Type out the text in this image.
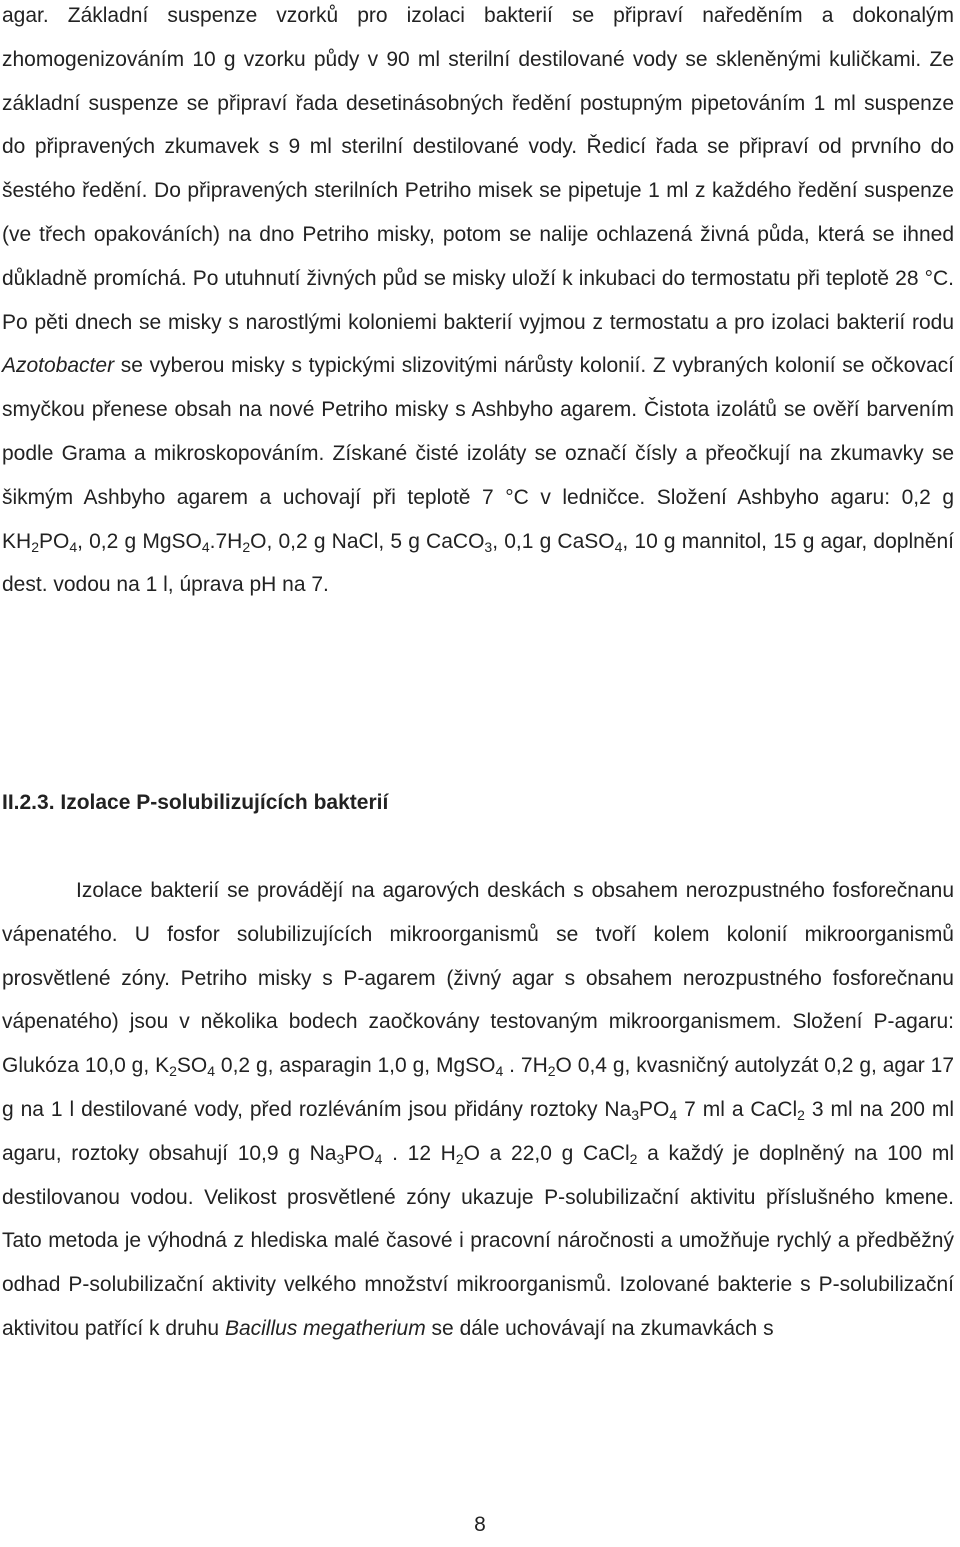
agar. Základní suspenze vzorků pro izolaci bakterií se připraví naředěním a dokonalým zhomogenizováním 10 g vzorku půdy v 90 ml sterilní destilované vody se skleněnými kuličkami. Ze základní suspenze se připraví řada desetinásobných ředění postupným pipetováním 1 ml suspenze do připravených zkumavek s 9 ml sterilní destilované vody. Ředicí řada se připraví od prvního do šestého ředění. Do připravených sterilních Petriho misek se pipetuje 1 ml z každého ředění suspenze (ve třech opakováních) na dno Petriho misky, potom se nalije ochlazená živná půda, která se ihned důkladně promíchá. Po utuhnutí živných půd se misky uloží k inkubaci do termostatu při teplotě 28 °C. Po pěti dnech se misky s narostlými koloniemi bakterií vyjmou z termostatu a pro izolaci bakterií rodu Azotobacter se vyberou misky s typickými slizovitými nárůsty kolonií. Z vybraných kolonií se očkovací smyčkou přenese obsah na nové Petriho misky s Ashbyho agarem. Čistota izolátů se ověří barvením podle Grama a mikroskopováním. Získané čisté izoláty se označí čísly a přeočkují na zkumavky se šikmým Ashbyho agarem a uchovají při teplotě 7 °C v ledničce. Složení Ashbyho agaru: 0,2 g $KH_2PO_4$, 0,2 g $MgSO_4.7H_2O$, 0,2 g NaCl, 5 g CaCO$_3$, 0,1 g CaSO$_4$, 10 g mannitol, 15 g agar, doplnění dest. vodou na 1 l, úprava pH na 7.

II.2.3. Izolace P-solubilizujících bakterií

Izolace bakterií se provádějí na agarových deskách s obsahem nerozpustného fosforečnanu vápenatého. U fosfor solubilizujících mikroorganismů se tvoří kolem kolonií mikroorganismů prosvětlené zóny. Petriho misky s P-agarem (živný agar s obsahem nerozpustného fosforečnanu vápenatého) jsou v několika bodech zaočkovány testovaným mikroorganismem. Složení P-agaru: Glukóza 10,0 g, $K_2SO_4$ 0,2 g, asparagin 1,0 g, MgSO$_4$ . $7H_2O$ 0,4 g, kvasničný autolyzát 0,2 g, agar 17 g na 1 l destilované vody, před rozléváním jsou přidány roztoky $Na_3PO_4$ 7 ml a CaCl$_2$ 3 ml na 200 ml agaru, roztoky obsahují 10,9 g $Na_3PO_4$ . 12 $H_2O$ a 22,0 g CaCl$_2$ a každý je doplněný na 100 ml destilovanou vodou. Velikost prosvětlené zóny ukazuje P-solubilizační aktivitu příslušného kmene. Tato metoda je výhodná z hlediska malé časové i pracovní náročnosti a umožňuje rychlý a předběžný odhad P-solubilizační aktivity velkého množství mikroorganismů. Izolované bakterie s P-solubilizační aktivitou patřící k druhu Bacillus megatherium se dále uchovávají na zkumavkách s

8
